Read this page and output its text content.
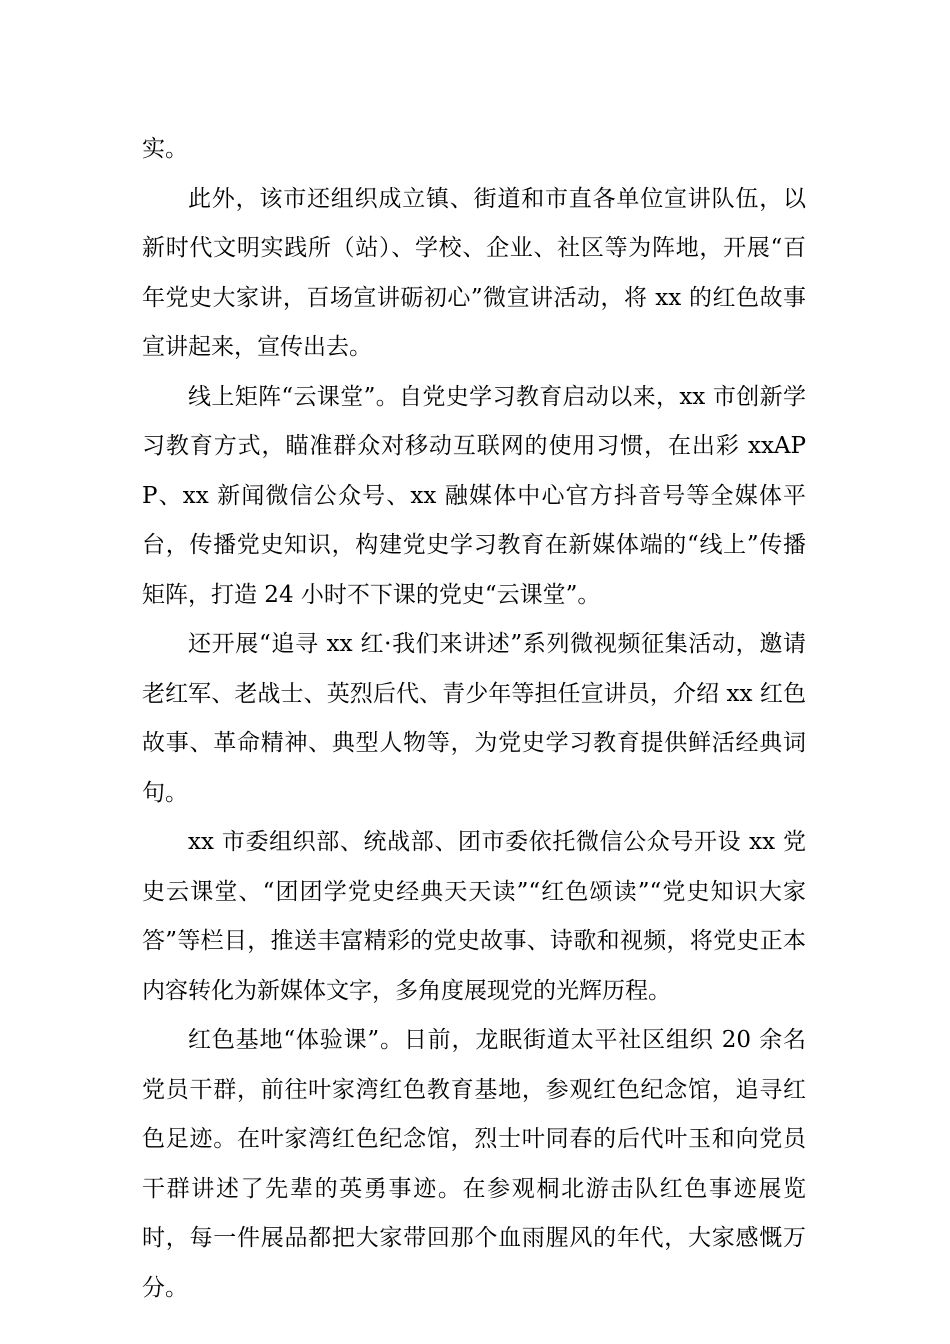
实。

此外，该市还组织成立镇、街道和市直各单位宣讲队伍，以新时代文明实践所（站）、学校、企业、社区等为阵地，开展“百年党史大家讲，百场宣讲砺初心”微宣讲活动，将 xx 的红色故事宣讲起来，宣传出去。

线上矩阵“云课堂”。自党史学习教育启动以来，xx 市创新学习教育方式，瞄准群众对移动互联网的使用习惯，在出彩 xxAPP、xx 新闻微信公众号、xx 融媒体中心官方抖音号等全媒体平台，传播党史知识，构建党史学习教育在新媒体端的“线上”传播矩阵，打造 24 小时不下课的党史“云课堂”。

还开展“追寻 xx 红·我们来讲述”系列微视频征集活动，邀请老红军、老战士、英烈后代、青少年等担任宣讲员，介绍 xx 红色故事、革命精神、典型人物等，为党史学习教育提供鲜活经典词句。

xx 市委组织部、统战部、团市委依托微信公众号开设 xx 党史云课堂、“团团学党史经典天天读”“红色颂读”“党史知识大家答”等栏目，推送丰富精彩的党史故事、诗歌和视频，将党史正本内容转化为新媒体文字，多角度展现党的光辉历程。

红色基地“体验课”。日前，龙眠街道太平社区组织 20 余名党员干群，前往叶家湾红色教育基地，参观红色纪念馆，追寻红色足迹。在叶家湾红色纪念馆，烈士叶同春的后代叶玉和向党员干群讲述了先辈的英勇事迹。在参观桐北游击队红色事迹展览时，每一件展品都把大家带回那个血雨腥风的年代，大家感慨万分。
